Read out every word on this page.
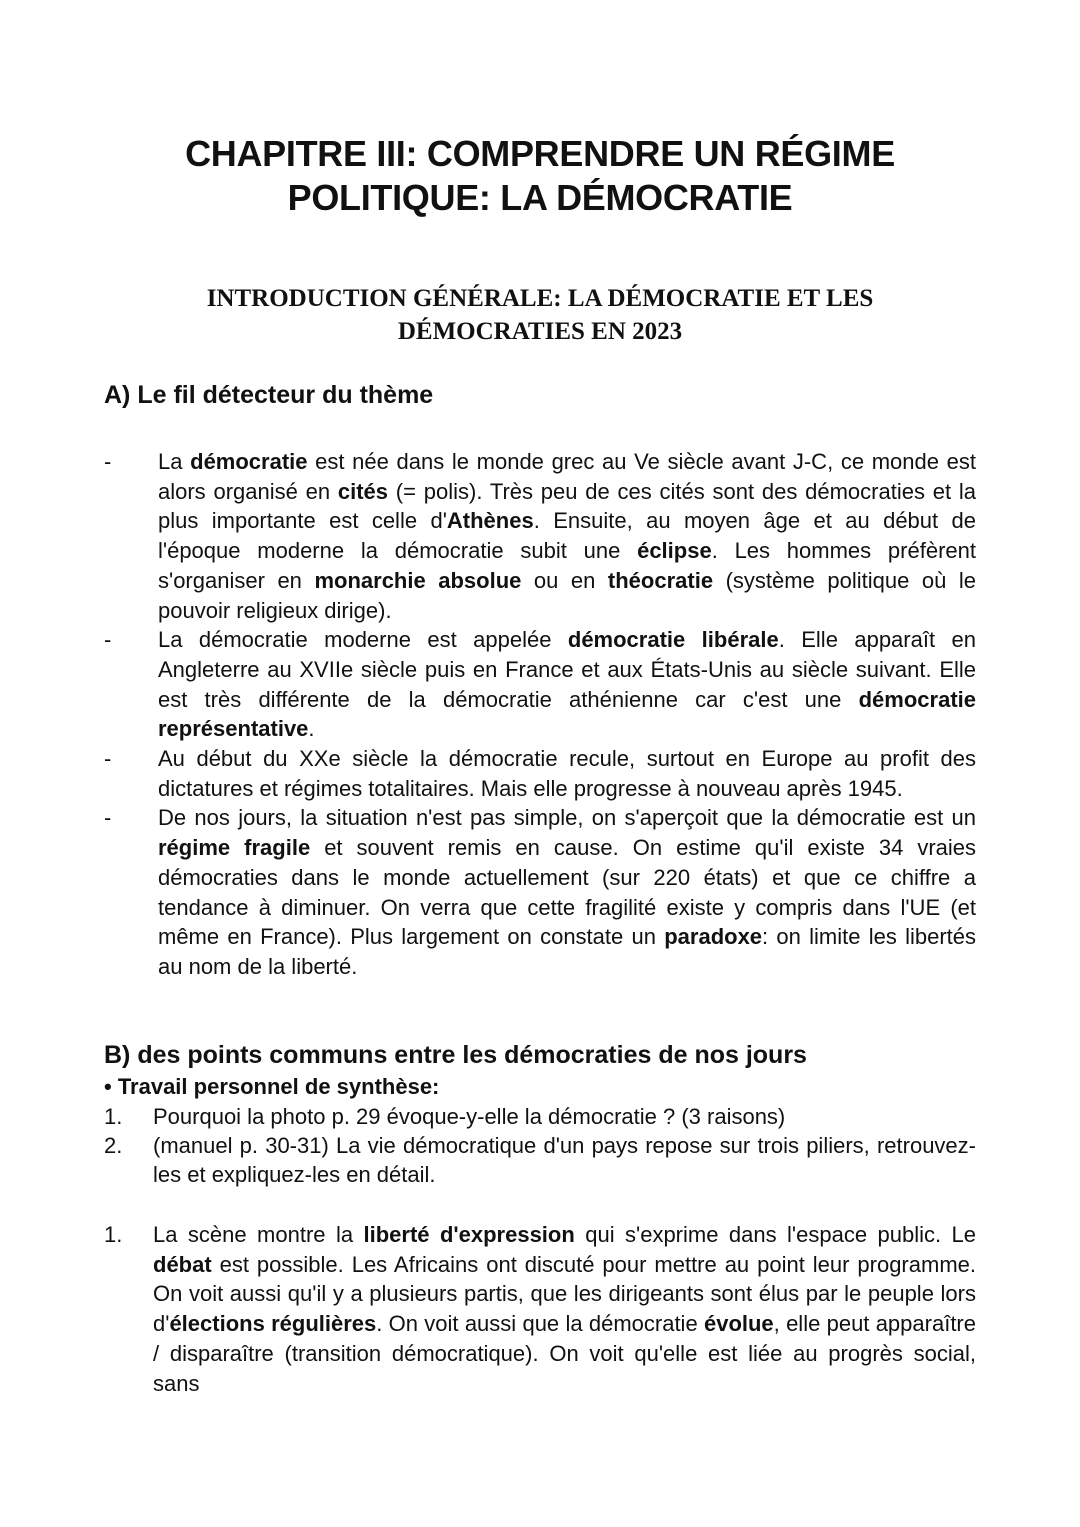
CHAPITRE III: COMPRENDRE UN RÉGIME
POLITIQUE: LA DÉMOCRATIE
INTRODUCTION GÉNÉRALE: LA DÉMOCRATIE ET LES
DÉMOCRATIES EN 2023
A) Le fil détecteur du thème
- La démocratie est née dans le monde grec au Ve siècle avant J-C, ce monde est alors organisé en cités (= polis). Très peu de ces cités sont des démocraties et la plus importante est celle d'Athènes. Ensuite, au moyen âge et au début de l'époque moderne la démocratie subit une éclipse. Les hommes préfèrent s'organiser en monarchie absolue ou en théocratie (système politique où le pouvoir religieux dirige).
- La démocratie moderne est appelée démocratie libérale. Elle apparaît en Angleterre au XVIIe siècle puis en France et aux États-Unis au siècle suivant. Elle est très différente de la démocratie athénienne car c'est une démocratie représentative.
- Au début du XXe siècle la démocratie recule, surtout en Europe au profit des dictatures et régimes totalitaires. Mais elle progresse à nouveau après 1945.
- De nos jours, la situation n'est pas simple, on s'aperçoit que la démocratie est un régime fragile et souvent remis en cause. On estime qu'il existe 34 vraies démocraties dans le monde actuellement (sur 220 états) et que ce chiffre a tendance à diminuer. On verra que cette fragilité existe y compris dans l'UE (et même en France). Plus largement on constate un paradoxe: on limite les libertés au nom de la liberté.
B) des points communs entre les démocraties de nos jours
• Travail personnel de synthèse:
1. Pourquoi la photo p. 29 évoque-y-elle la démocratie ? (3 raisons)
2. (manuel p. 30-31) La vie démocratique d'un pays repose sur trois piliers, retrouvez-les et expliquez-les en détail.
1. La scène montre la liberté d'expression qui s'exprime dans l'espace public. Le débat est possible. Les Africains ont discuté pour mettre au point leur programme. On voit aussi qu'il y a plusieurs partis, que les dirigeants sont élus par le peuple lors d'élections régulières. On voit aussi que la démocratie évolue, elle peut apparaître / disparaître (transition démocratique). On voit qu'elle est liée au progrès social, sans
